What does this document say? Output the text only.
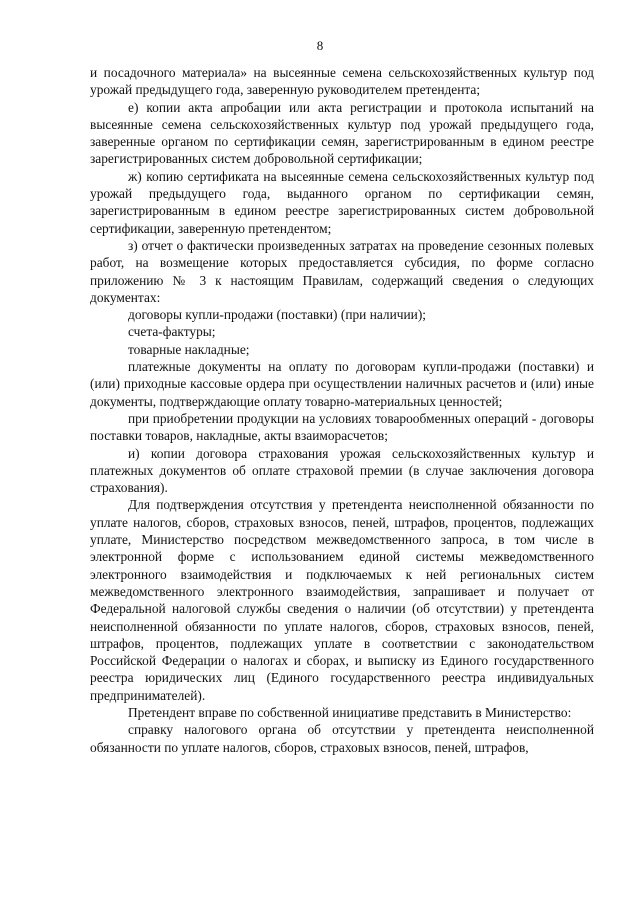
8

и посадочного материала» на высеянные семена сельскохозяйственных культур под урожай предыдущего года, заверенную руководителем претендента;

е) копии акта апробации или акта регистрации и протокола испытаний на высеянные семена сельскохозяйственных культур под урожай предыдущего года, заверенные органом по сертификации семян, зарегистрированным в едином реестре зарегистрированных систем добровольной сертификации;

ж) копию сертификата на высеянные семена сельскохозяйственных культур под урожай предыдущего года, выданного органом по сертификации семян, зарегистрированным в едином реестре зарегистрированных систем добровольной сертификации, заверенную претендентом;

з) отчет о фактически произведенных затратах на проведение сезонных полевых работ, на возмещение которых предоставляется субсидия, по форме согласно приложению № 3 к настоящим Правилам, содержащий сведения о следующих документах:

договоры купли-продажи (поставки) (при наличии);

счета-фактуры;

товарные накладные;

платежные документы на оплату по договорам купли-продажи (поставки) и (или) приходные кассовые ордера при осуществлении наличных расчетов и (или) иные документы, подтверждающие оплату товарно-материальных ценностей;

при приобретении продукции на условиях товарообменных операций - договоры поставки товаров, накладные, акты взаиморасчетов;

и) копии договора страхования урожая сельскохозяйственных культур и платежных документов об оплате страховой премии (в случае заключения договора страхования).

Для подтверждения отсутствия у претендента неисполненной обязанности по уплате налогов, сборов, страховых взносов, пеней, штрафов, процентов, подлежащих уплате, Министерство посредством межведомственного запроса, в том числе в электронной форме с использованием единой системы межведомственного электронного взаимодействия и подключаемых к ней региональных систем межведомственного электронного взаимодействия, запрашивает и получает от Федеральной налоговой службы сведения о наличии (об отсутствии) у претендента неисполненной обязанности по уплате налогов, сборов, страховых взносов, пеней, штрафов, процентов, подлежащих уплате в соответствии с законодательством Российской Федерации о налогах и сборах, и выписку из Единого государственного реестра юридических лиц (Единого государственного реестра индивидуальных предпринимателей).

Претендент вправе по собственной инициативе представить в Министерство:

справку налогового органа об отсутствии у претендента неисполненной обязанности по уплате налогов, сборов, страховых взносов, пеней, штрафов,
